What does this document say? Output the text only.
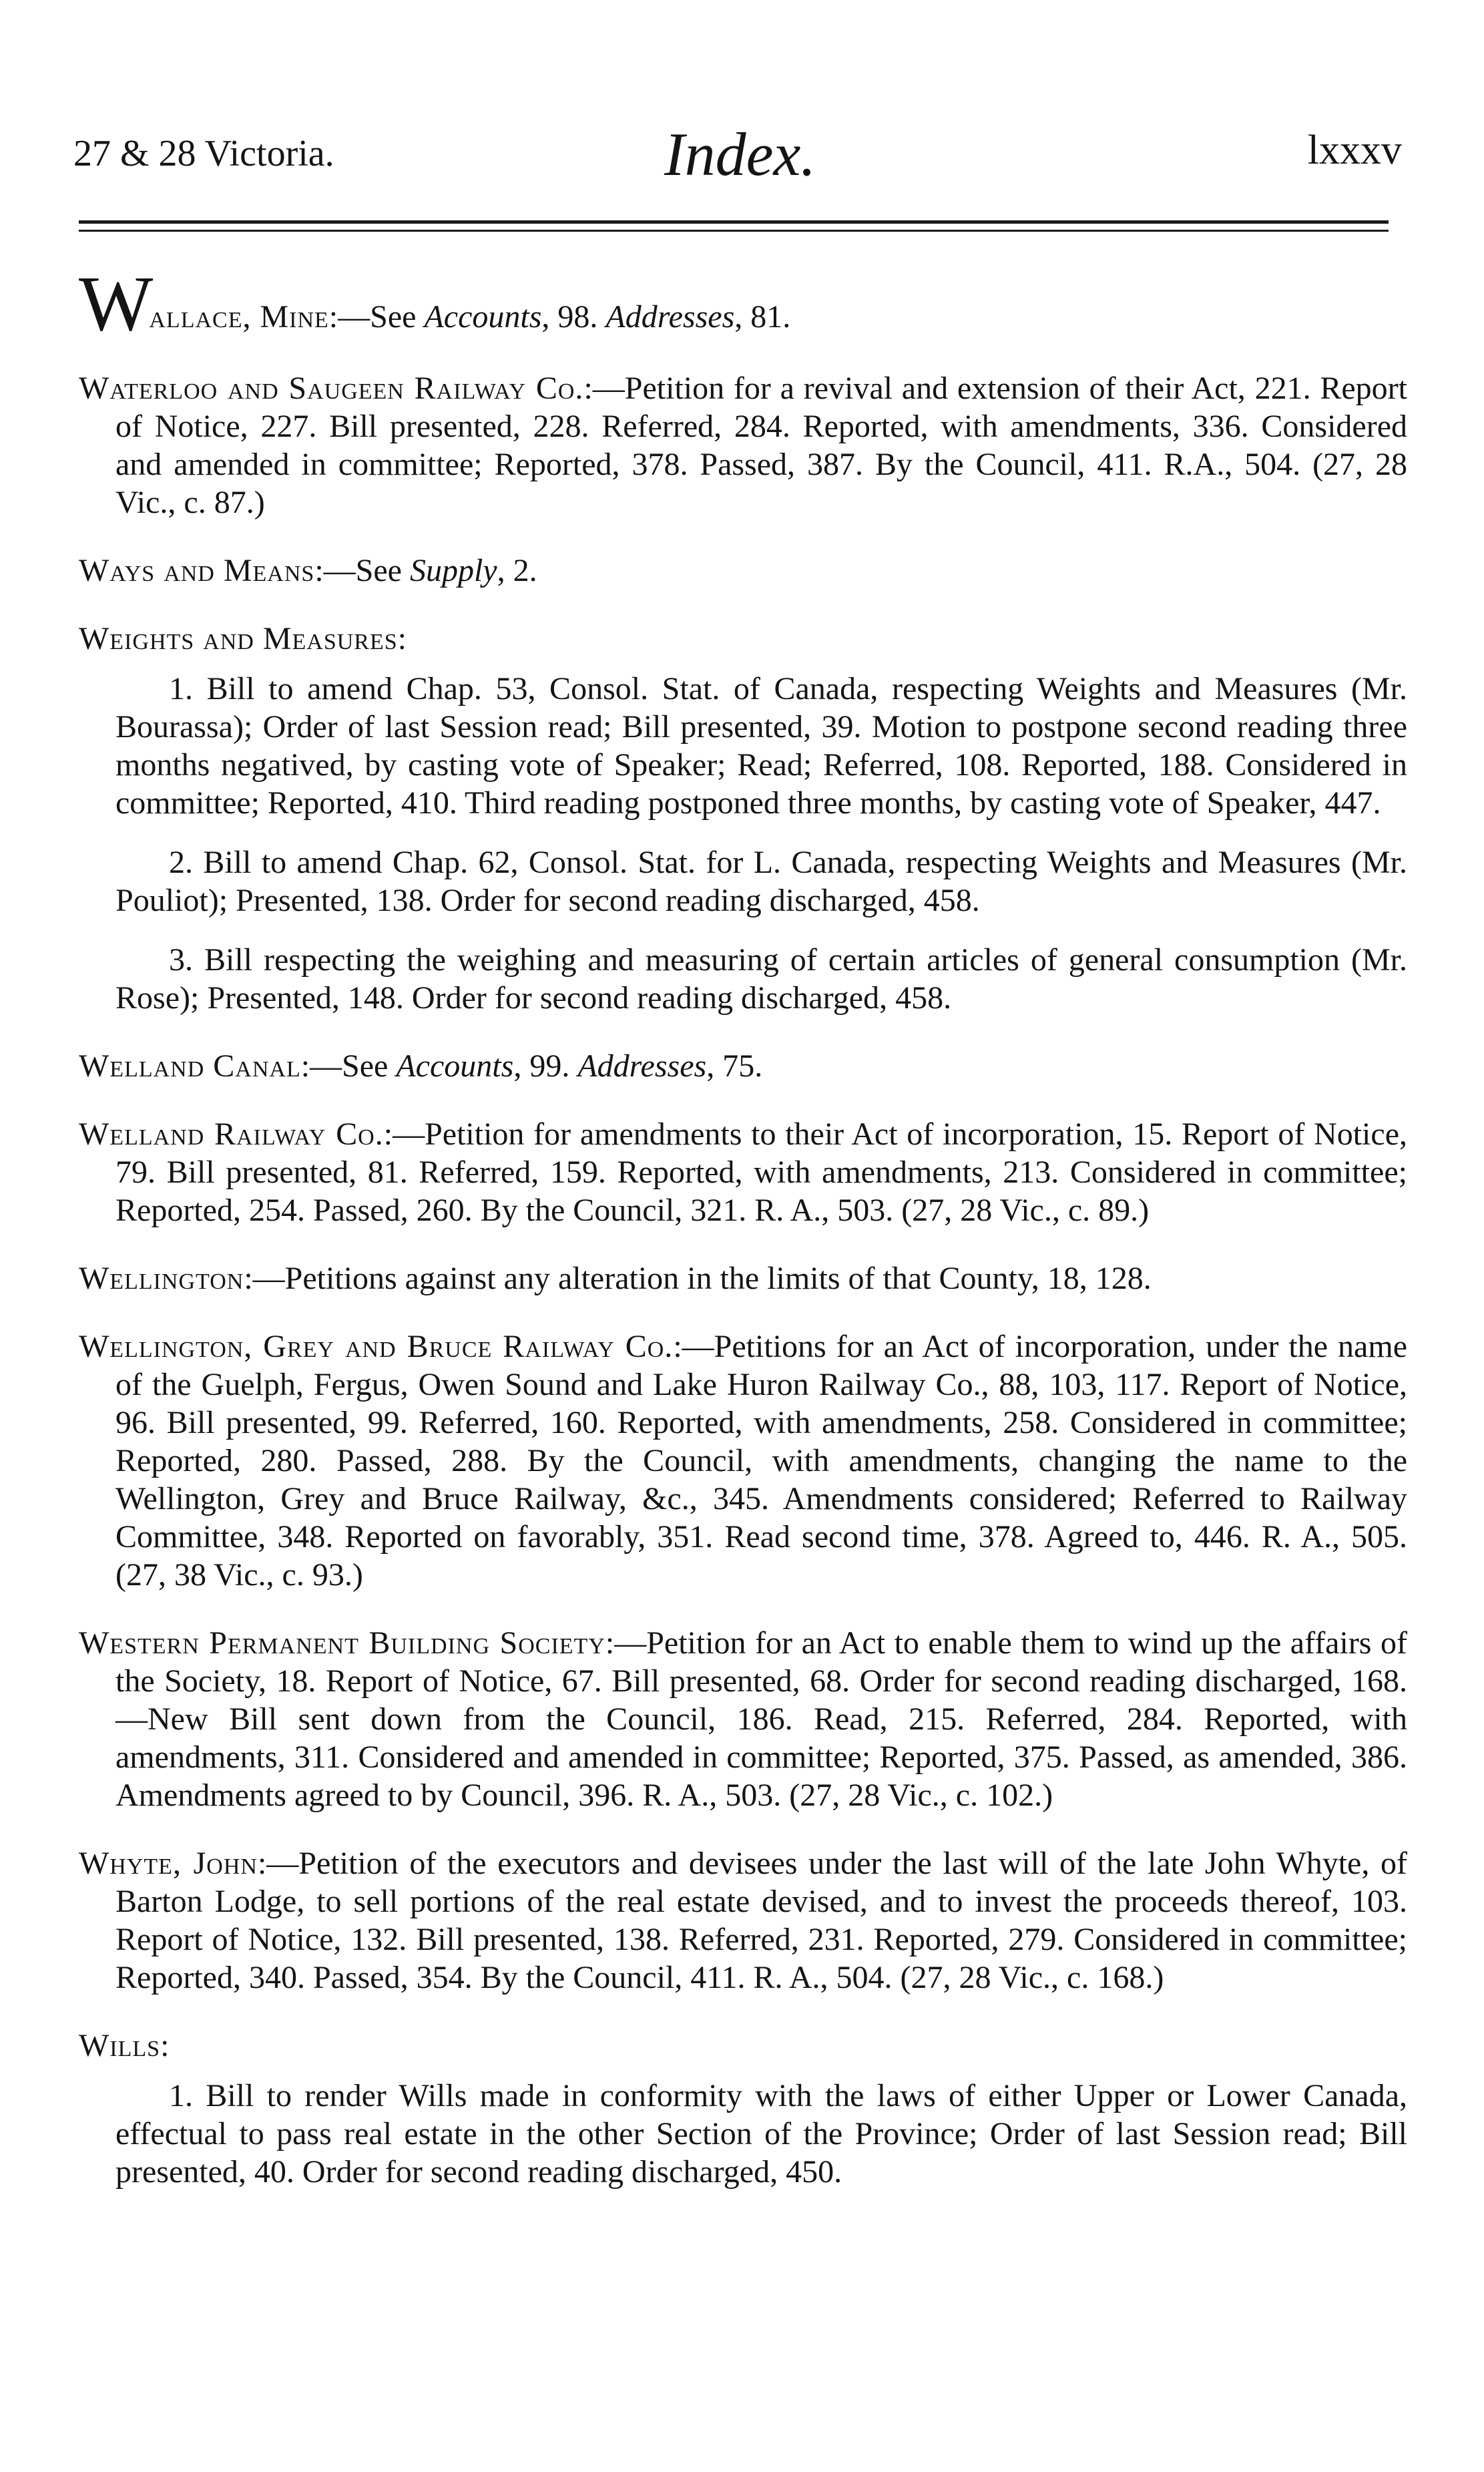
27 & 28 Victoria.	Index.	lxxxv

Wallace, Mine:—See Accounts, 98. Addresses, 81.

Waterloo and Saugeen Railway Co.:—Petition for a revival and extension of their Act, 221. Report of Notice, 227. Bill presented, 228. Referred, 284. Reported, with amendments, 336. Considered and amended in committee; Reported, 378. Passed, 387. By the Council, 411. R.A., 504. (27, 28 Vic., c. 87.)

Ways and Means:—See Supply, 2.

Weights and Measures:

1. Bill to amend Chap. 53, Consol. Stat. of Canada, respecting Weights and Measures (Mr. Bourassa); Order of last Session read; Bill presented, 39. Motion to postpone second reading three months negatived, by casting vote of Speaker; Read; Referred, 108. Reported, 188. Considered in committee; Reported, 410. Third reading postponed three months, by casting vote of Speaker, 447.

2. Bill to amend Chap. 62, Consol. Stat. for L. Canada, respecting Weights and Measures (Mr. Pouliot); Presented, 138. Order for second reading discharged, 458.

3. Bill respecting the weighing and measuring of certain articles of general consumption (Mr. Rose); Presented, 148. Order for second reading discharged, 458.

Welland Canal:—See Accounts, 99. Addresses, 75.

Welland Railway Co.:—Petition for amendments to their Act of incorporation, 15. Report of Notice, 79. Bill presented, 81. Referred, 159. Reported, with amendments, 213. Considered in committee; Reported, 254. Passed, 260. By the Council, 321. R. A., 503. (27, 28 Vic., c. 89.)

Wellington:—Petitions against any alteration in the limits of that County, 18, 128.

Wellington, Grey and Bruce Railway Co.:—Petitions for an Act of incorporation, under the name of the Guelph, Fergus, Owen Sound and Lake Huron Railway Co., 88, 103, 117. Report of Notice, 96. Bill presented, 99. Referred, 160. Reported, with amendments, 258. Considered in committee; Reported, 280. Passed, 288. By the Council, with amendments, changing the name to the Wellington, Grey and Bruce Railway, &c., 345. Amendments considered; Referred to Railway Committee, 348. Reported on favorably, 351. Read second time, 378. Agreed to, 446. R. A., 505. (27, 38 Vic., c. 93.)

Western Permanent Building Society:—Petition for an Act to enable them to wind up the affairs of the Society, 18. Report of Notice, 67. Bill presented, 68. Order for second reading discharged, 168.—New Bill sent down from the Council, 186. Read, 215. Referred, 284. Reported, with amendments, 311. Considered and amended in committee; Reported, 375. Passed, as amended, 386. Amendments agreed to by Council, 396. R. A., 503. (27, 28 Vic., c. 102.)

Whyte, John:—Petition of the executors and devisees under the last will of the late John Whyte, of Barton Lodge, to sell portions of the real estate devised, and to invest the proceeds thereof, 103. Report of Notice, 132. Bill presented, 138. Referred, 231. Reported, 279. Considered in committee; Reported, 340. Passed, 354. By the Council, 411. R. A., 504. (27, 28 Vic., c. 168.)

Wills:

1. Bill to render Wills made in conformity with the laws of either Upper or Lower Canada, effectual to pass real estate in the other Section of the Province; Order of last Session read; Bill presented, 40. Order for second reading discharged, 450.
